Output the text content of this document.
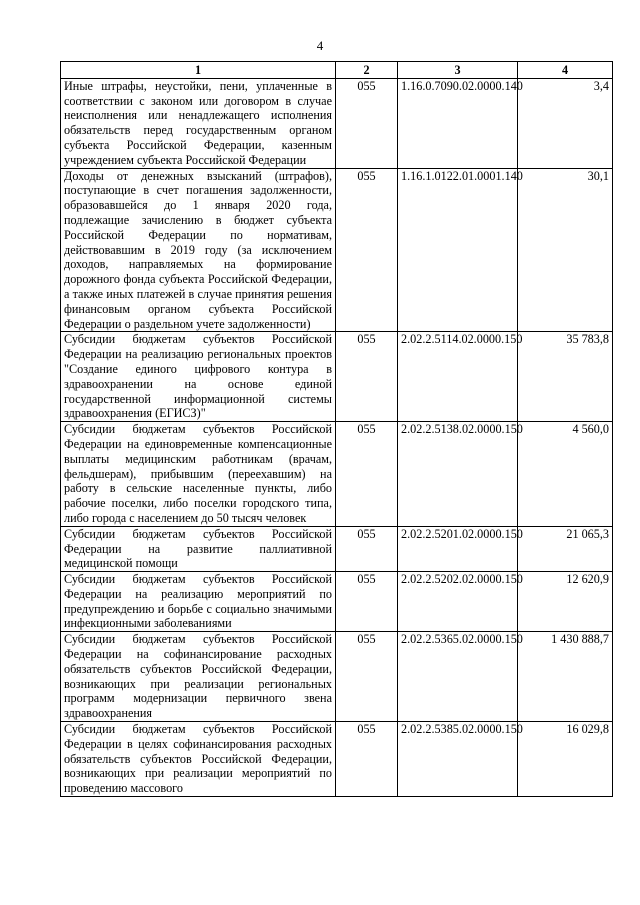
4
1	2	3	4
Иные штрафы, неустойки, пени, уплаченные в соответствии с законом или договором в случае неисполнения или ненадлежащего исполнения обязательств перед государственным органом субъекта Российской Федерации, казенным учреждением субъекта Российской Федерации	055	1.16.0.7090.02.0000.140	3,4
Доходы от денежных взысканий (штрафов), поступающие в счет погашения задолженности, образовавшейся до 1 января 2020 года, подлежащие зачислению в бюджет субъекта Российской Федерации по нормативам, действовавшим в 2019 году (за исключением доходов, направляемых на формирование дорожного фонда субъекта Российской Федерации, а также иных платежей в случае принятия решения финансовым органом субъекта Российской Федерации о раздельном учете задолженности)	055	1.16.1.0122.01.0001.140	30,1
Субсидии бюджетам субъектов Российской Федерации на реализацию региональных проектов "Создание единого цифрового контура в здравоохранении на основе единой государственной информационной системы здравоохранения (ЕГИСЗ)"	055	2.02.2.5114.02.0000.150	35 783,8
Субсидии бюджетам субъектов Российской Федерации на единовременные компенсационные выплаты медицинским работникам (врачам, фельдшерам), прибывшим (переехавшим) на работу в сельские населенные пункты, либо рабочие поселки, либо поселки городского типа, либо города с населением до 50 тысяч человек	055	2.02.2.5138.02.0000.150	4 560,0
Субсидии бюджетам субъектов Российской Федерации на развитие паллиативной медицинской помощи	055	2.02.2.5201.02.0000.150	21 065,3
Субсидии бюджетам субъектов Российской Федерации на реализацию мероприятий по предупреждению и борьбе с социально значимыми инфекционными заболеваниями	055	2.02.2.5202.02.0000.150	12 620,9
Субсидии бюджетам субъектов Российской Федерации на софинансирование расходных обязательств субъектов Российской Федерации, возникающих при реализации региональных программ модернизации первичного звена здравоохранения	055	2.02.2.5365.02.0000.150	1 430 888,7
Субсидии бюджетам субъектов Российской Федерации в целях софинансирования расходных обязательств субъектов Российской Федерации, возникающих при реализации мероприятий по проведению массового	055	2.02.2.5385.02.0000.150	16 029,8
